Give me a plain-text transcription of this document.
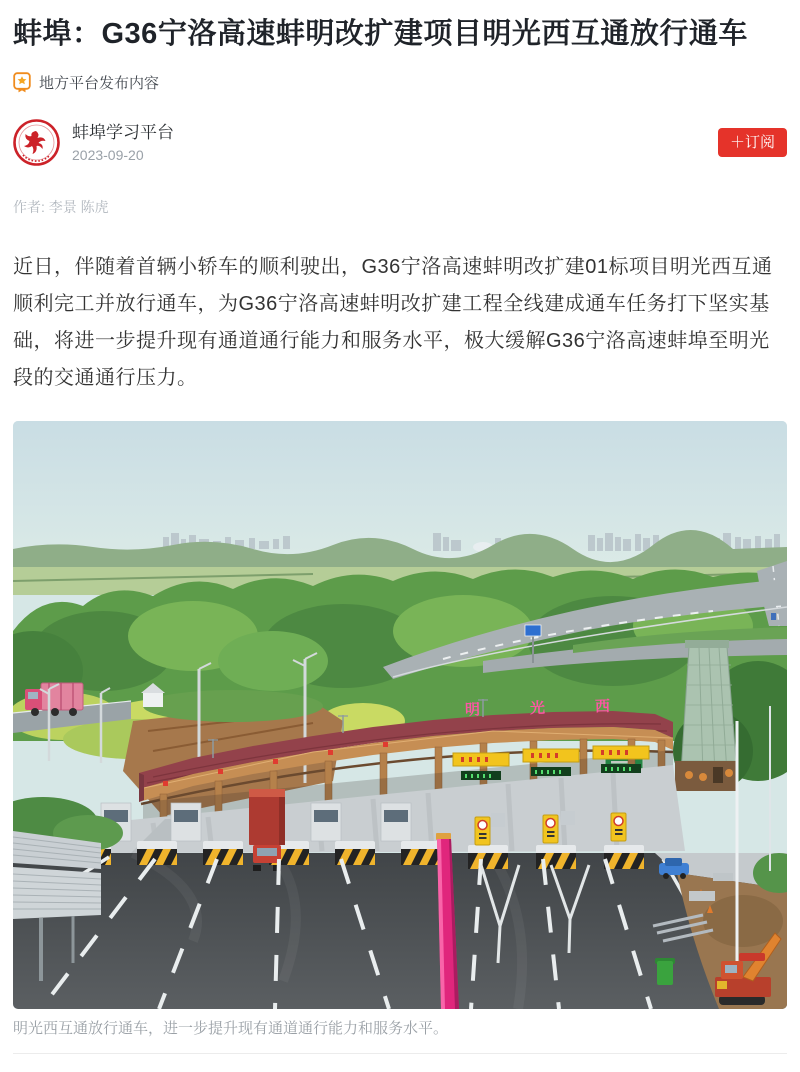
蚌埠：G36宁洛高速蚌明改扩建项目明光西互通放行通车
地方平台发布内容
蚌埠学习平台
2023-09-20
＋订阅
作者: 李景 陈虎

近日，伴随着首辆小轿车的顺利驶出，G36宁洛高速蚌明改扩建01标项目明光西互通顺利完工并放行通车，为G36宁洛高速蚌明改扩建工程全线建成通车任务打下坚实基础，将进一步提升现有通道通行能力和服务水平，极大缓解G36宁洛高速蚌埠至明光段的交通通行压力。

明光西
明光西互通放行通车，进一步提升现有通道通行能力和服务水平。
